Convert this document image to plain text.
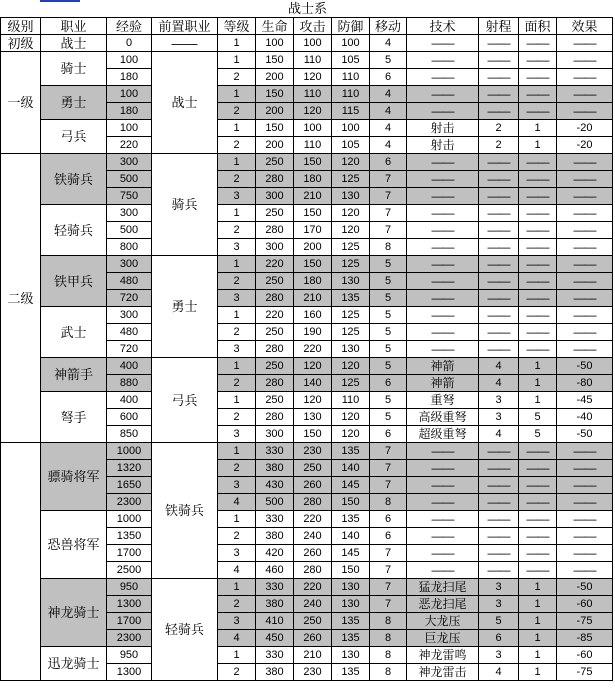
战士系
级别	职业	经验	前置职业	等级	生命	攻击	防御	移动	技术	射程	面积	效果
初级	战士	0	——	1	100	100	100	4	——	——	——	——
一级	骑士	100	战士	1	150	110	105	5	——	——	——	——
		180		2	200	120	110	6	——	——	——	——
	勇士	100		1	150	110	110	4	——	——	——	——
		180		2	200	120	115	4	——	——	——	——
	弓兵	100		1	150	100	100	4	射击	2	1	-20
		220		2	200	110	105	4	射击	2	1	-20
二级	铁骑兵	300	骑兵	1	250	150	120	6	——	——	——	——
		500		2	280	180	125	7	——	——	——	——
		750		3	300	210	130	7	——	——	——	——
	轻骑兵	300		1	250	150	120	7	——	——	——	——
		500		2	280	170	120	7	——	——	——	——
		800		3	300	200	125	8	——	——	——	——
	铁甲兵	300	勇士	1	220	150	125	5	——	——	——	——
		480		2	250	180	130	5	——	——	——	——
		720		3	280	210	135	5	——	——	——	——
	武士	300		1	220	160	125	5	——	——	——	——
		480		2	250	190	125	5	——	——	——	——
		720		3	280	220	130	5	——	——	——	——
	神箭手	400	弓兵	1	250	120	120	5	神箭	4	1	-50
		880		2	280	140	125	6	神箭	4	1	-80
	弩手	400		1	250	120	110	5	重弩	3	1	-45
		600		2	280	130	120	5	高级重弩	3	5	-40
		850		3	300	150	120	6	超级重弩	4	5	-50
	骠骑将军	1000	铁骑兵	1	330	230	135	7	——	——	——	——
		1320		2	380	250	140	7	——	——	——	——
		1650		3	430	260	145	7	——	——	——	——
		2300		4	500	280	150	8	——	——	——	——
	恐兽将军	1000		1	330	220	135	6	——	——	——	——
		1350		2	380	240	140	6	——	——	——	——
		1700		3	420	260	145	7	——	——	——	——
		2500		4	460	280	150	7	——	——	——	——
	神龙骑士	950	轻骑兵	1	330	220	130	7	猛龙扫尾	3	1	-50
		1300		2	380	240	130	7	恶龙扫尾	3	1	-60
		1700		3	410	250	135	8	大龙压	5	1	-75
		2300		4	450	260	135	8	巨龙压	6	1	-85
	迅龙骑士	950		1	330	210	130	8	神龙雷鸣	3	1	-60
		1300		2	380	230	135	8	神龙雷击	4	1	-75
